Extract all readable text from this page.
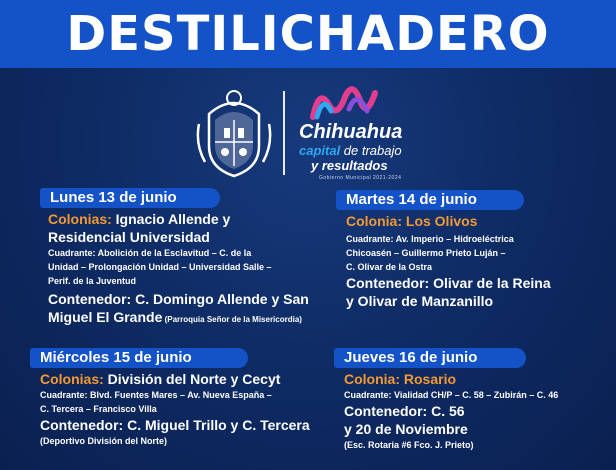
DESTILICHADERO
Chihuahua
capital de trabajo
y resultados
Gobierno Municipal 2021-2024
Lunes 13 de junio
Colonias: Ignacio Allende y
Residencial Universidad
Cuadrante: Abolición de la Esclavitud – C. de la
Unidad – Prolongación Unidad – Universidad Salle –
Perif. de la Juventud
Contenedor: C. Domingo Allende y San
Miguel El Grande (Parroquia Señor de la Misericordia)
Martes 14 de junio
Colonia: Los Olivos
Cuadrante: Av. Imperio – Hidroeléctrica
Chicoasén – Guillermo Prieto Luján –
C. Olivar de la Ostra
Contenedor: Olivar de la Reina
y Olivar de Manzanillo
Miércoles 15 de junio
Colonias: División del Norte y Cecyt
Cuadrante: Blvd. Fuentes Mares – Av. Nueva España –
C. Tercera – Francisco Villa
Contenedor: C. Miguel Trillo y C. Tercera
(Deportivo División del Norte)
Jueves 16 de junio
Colonia: Rosario
Cuadrante: Vialidad CH/P – C. 58 – Zubirán – C. 46
Contenedor: C. 56
y 20 de Noviembre
(Esc. Rotaria #6 Fco. J. Prieto)
